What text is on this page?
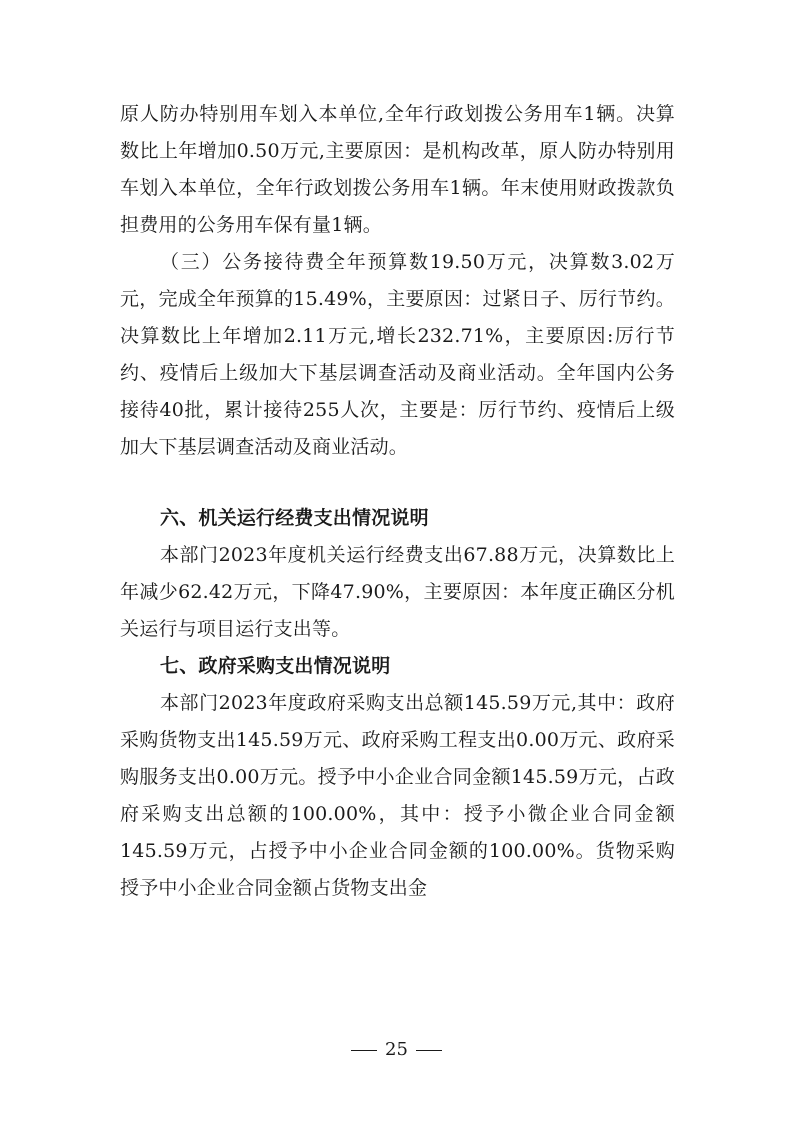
原人防办特别用车划入本单位,全年行政划拨公务用车1辆。决算数比上年增加0.50万元,主要原因：是机构改革，原人防办特别用车划入本单位，全年行政划拨公务用车1辆。年末使用财政拨款负担费用的公务用车保有量1辆。

（三）公务接待费全年预算数19.50万元，决算数3.02万元，完成全年预算的15.49%，主要原因：过紧日子、厉行节约。决算数比上年增加2.11万元,增长232.71%，主要原因:厉行节约、疫情后上级加大下基层调查活动及商业活动。全年国内公务接待40批，累计接待255人次，主要是：厉行节约、疫情后上级加大下基层调查活动及商业活动。

六、机关运行经费支出情况说明

本部门2023年度机关运行经费支出67.88万元，决算数比上年减少62.42万元，下降47.90%，主要原因：本年度正确区分机关运行与项目运行支出等。

七、政府采购支出情况说明

本部门2023年度政府采购支出总额145.59万元,其中：政府采购货物支出145.59万元、政府采购工程支出0.00万元、政府采购服务支出0.00万元。授予中小企业合同金额145.59万元，占政府采购支出总额的100.00%，其中：授予小微企业合同金额145.59万元，占授予中小企业合同金额的100.00%。货物采购授予中小企业合同金额占货物支出金

25
